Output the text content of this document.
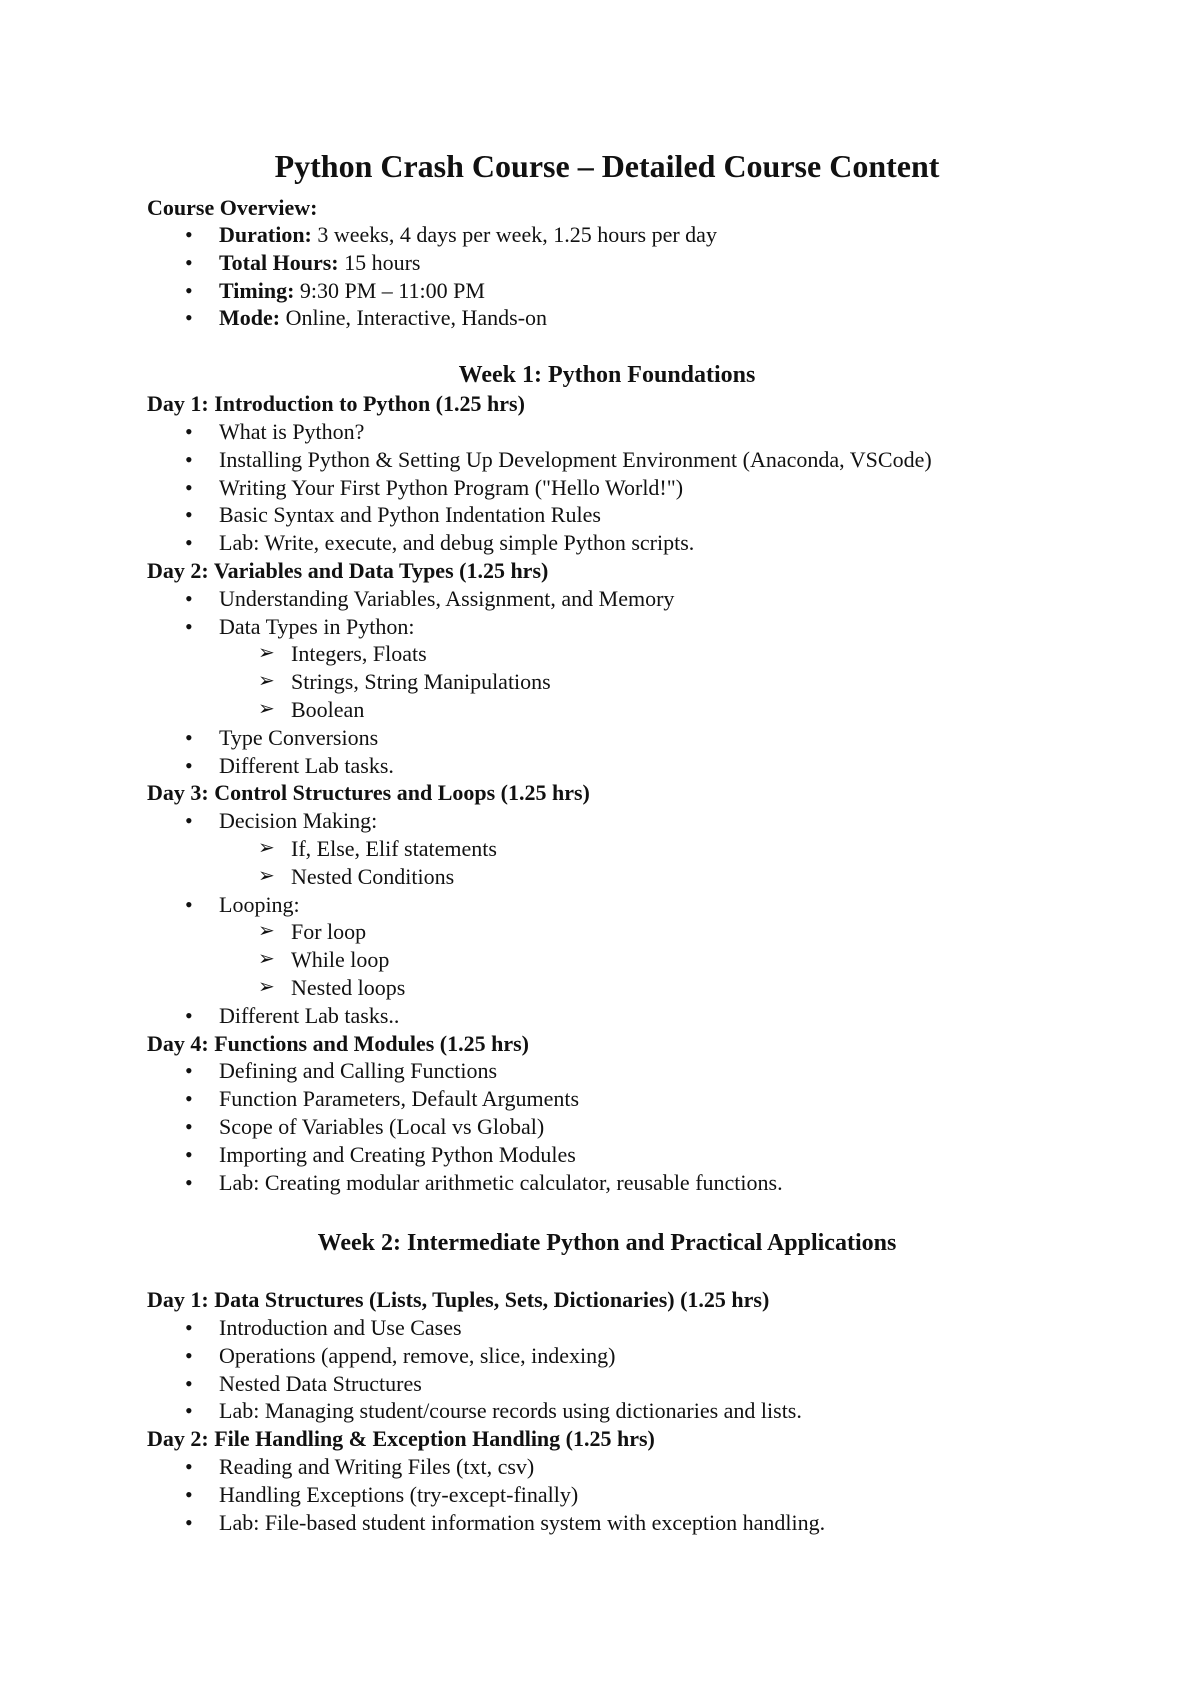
Python Crash Course – Detailed Course Content

Course Overview:

• Duration: 3 weeks, 4 days per week, 1.25 hours per day
• Total Hours: 15 hours
• Timing: 9:30 PM – 11:00 PM
• Mode: Online, Interactive, Hands-on
Week 1: Python Foundations

Day 1: Introduction to Python (1.25 hrs)

• What is Python?
• Installing Python & Setting Up Development Environment (Anaconda, VSCode)
• Writing Your First Python Program ("Hello World!")
• Basic Syntax and Python Indentation Rules
• Lab: Write, execute, and debug simple Python scripts.

Day 2: Variables and Data Types (1.25 hrs)

• Understanding Variables, Assignment, and Memory
• Data Types in Python:
➢ Integers, Floats
➢ Strings, String Manipulations
➢ Boolean
• Type Conversions
• Different Lab tasks.

Day 3: Control Structures and Loops (1.25 hrs)

• Decision Making:
➢ If, Else, Elif statements
➢ Nested Conditions
• Looping:
➢ For loop
➢ While loop
➢ Nested loops
• Different Lab tasks..

Day 4: Functions and Modules (1.25 hrs)

• Defining and Calling Functions
• Function Parameters, Default Arguments
• Scope of Variables (Local vs Global)
• Importing and Creating Python Modules
• Lab: Creating modular arithmetic calculator, reusable functions.
Week 2: Intermediate Python and Practical Applications

Day 1: Data Structures (Lists, Tuples, Sets, Dictionaries) (1.25 hrs)

• Introduction and Use Cases
• Operations (append, remove, slice, indexing)
• Nested Data Structures
• Lab: Managing student/course records using dictionaries and lists.

Day 2: File Handling & Exception Handling (1.25 hrs)

• Reading and Writing Files (txt, csv)
• Handling Exceptions (try-except-finally)
• Lab: File-based student information system with exception handling.
